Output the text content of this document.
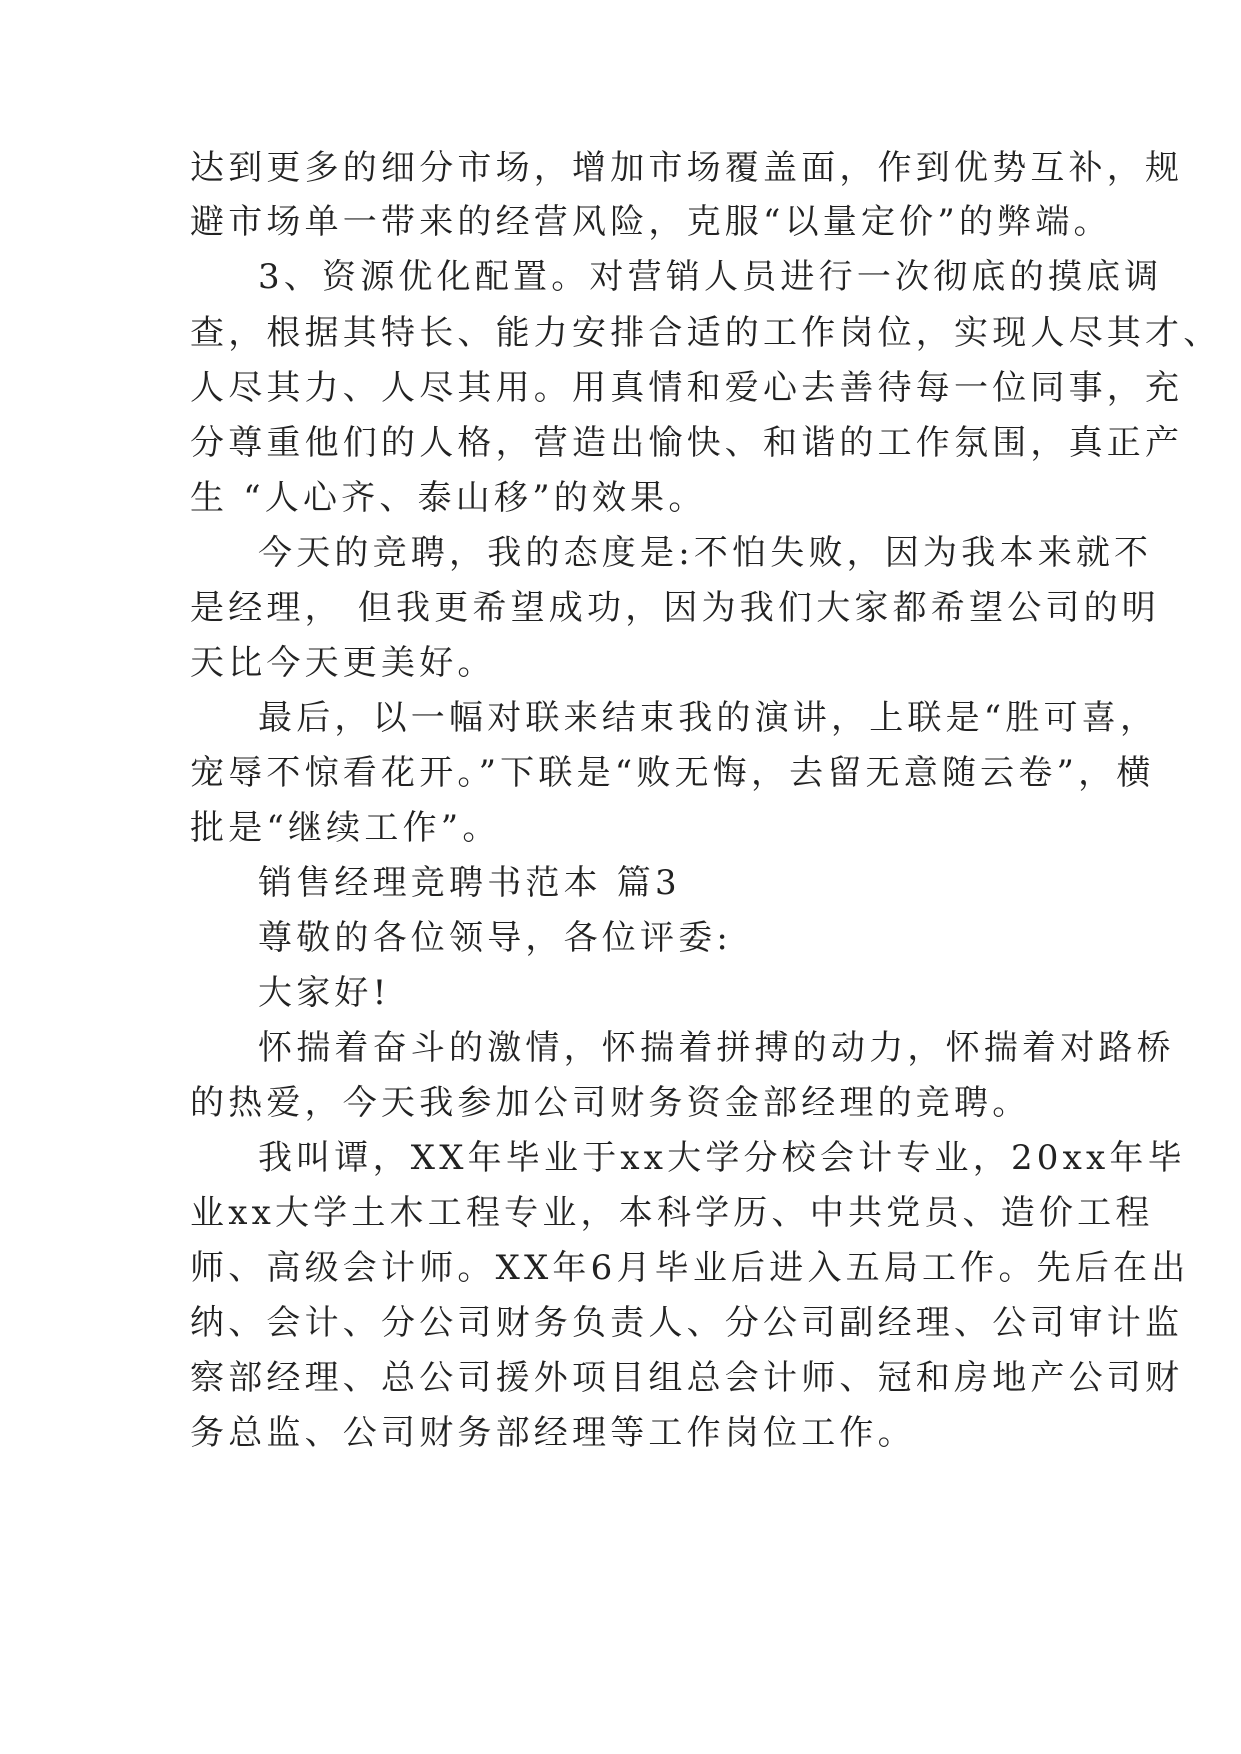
达到更多的细分市场，增加市场覆盖面，作到优势互补，规
避市场单一带来的经营风险，克服“以量定价”的弊端。
3、资源优化配置。对营销人员进行一次彻底的摸底调
查，根据其特长、能力安排合适的工作岗位，实现人尽其才、
人尽其力、人尽其用。用真情和爱心去善待每一位同事，充
分尊重他们的人格，营造出愉快、和谐的工作氛围，真正产
生 “人心齐、泰山移”的效果。
今天的竞聘，我的态度是:不怕失败，因为我本来就不
是经理， 但我更希望成功，因为我们大家都希望公司的明
天比今天更美好。
最后，以一幅对联来结束我的演讲，上联是“胜可喜，
宠辱不惊看花开。”下联是“败无悔，去留无意随云卷”，横
批是“继续工作”。
销售经理竞聘书范本 篇3
尊敬的各位领导，各位评委:
大家好!
怀揣着奋斗的激情，怀揣着拼搏的动力，怀揣着对路桥
的热爱，今天我参加公司财务资金部经理的竞聘。
我叫谭，XX年毕业于xx大学分校会计专业，20xx年毕
业xx大学土木工程专业，本科学历、中共党员、造价工程
师、高级会计师。XX年6月毕业后进入五局工作。先后在出
纳、会计、分公司财务负责人、分公司副经理、公司审计监
察部经理、总公司援外项目组总会计师、冠和房地产公司财
务总监、公司财务部经理等工作岗位工作。
